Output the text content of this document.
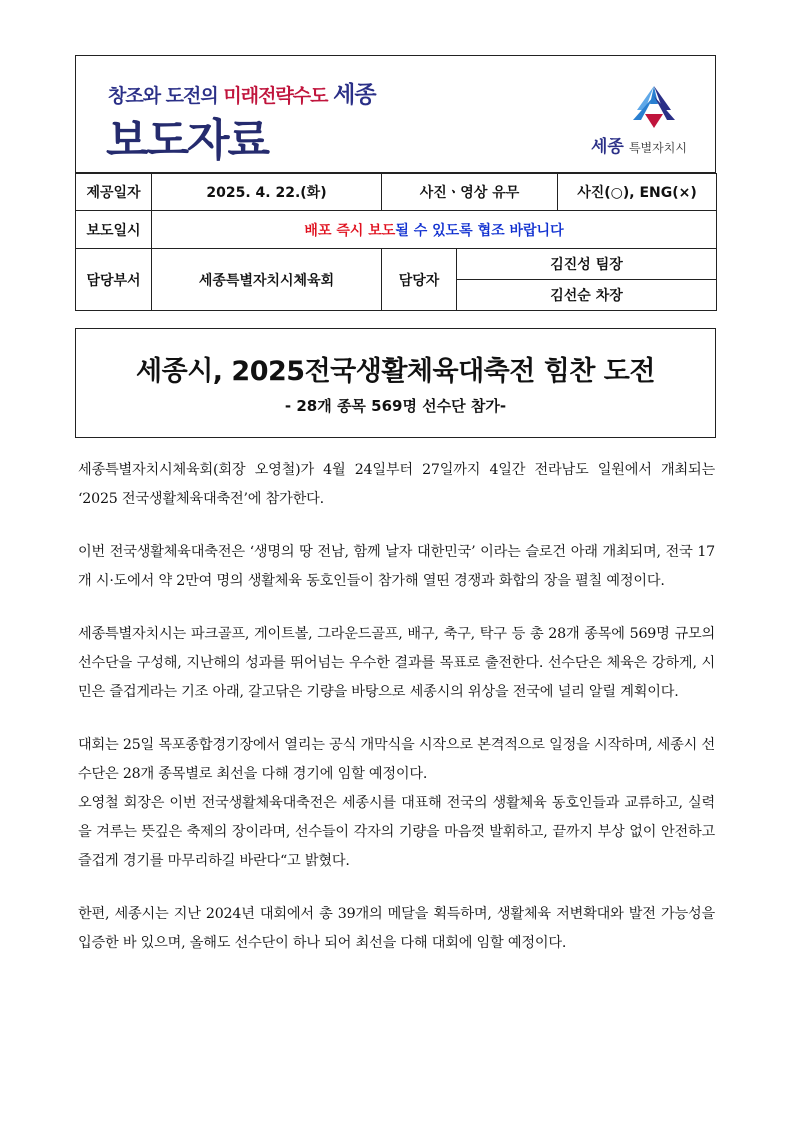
창조와 도전의 미래전략수도 세종
보도자료	세종 특별자치시
제공일자	2025. 4. 22.(화)	사진ㆍ영상 유무		사진(○), ENG(×)
보도일시	배포 즉시 보도될 수 있도록 협조 바랍니다			
담당부서	세종특별자치시체육회	담당자	김진성 팀장	
			김선순 차장	
세종시, 2025전국생활체육대축전 힘찬 도전
- 28개 종목 569명 선수단 참가-

세종특별자치시체육회(회장 오영철)가 4월 24일부터 27일까지 4일간 전라남도 일원에서 개최되는 ‘2025 전국생활체육대축전’에 참가한다.

이번 전국생활체육대축전은 ‘생명의 땅 전남, 함께 날자 대한민국’ 이라는 슬로건 아래 개최되며, 전국 17개 시·도에서 약 2만여 명의 생활체육 동호인들이 참가해 열띤 경쟁과 화합의 장을 펼칠 예정이다.

세종특별자치시는 파크골프, 게이트볼, 그라운드골프, 배구, 축구, 탁구 등 총 28개 종목에 569명 규모의 선수단을 구성해, 지난해의 성과를 뛰어넘는 우수한 결과를 목표로 출전한다. 선수단은 체육은 강하게, 시민은 즐겁게라는 기조 아래, 갈고닦은 기량을 바탕으로 세종시의 위상을 전국에 널리 알릴 계획이다.

대회는 25일 목포종합경기장에서 열리는 공식 개막식을 시작으로 본격적으로 일정을 시작하며, 세종시 선수단은 28개 종목별로 최선을 다해 경기에 임할 예정이다.

오영철 회장은 이번 전국생활체육대축전은 세종시를 대표해 전국의 생활체육 동호인들과 교류하고, 실력을 겨루는 뜻깊은 축제의 장이라며, 선수들이 각자의 기량을 마음껏 발휘하고, 끝까지 부상 없이 안전하고 즐겁게 경기를 마무리하길 바란다“고 밝혔다.

한편, 세종시는 지난 2024년 대회에서 총 39개의 메달을 획득하며, 생활체육 저변확대와 발전 가능성을 입증한 바 있으며, 올해도 선수단이 하나 되어 최선을 다해 대회에 임할 예정이다.
